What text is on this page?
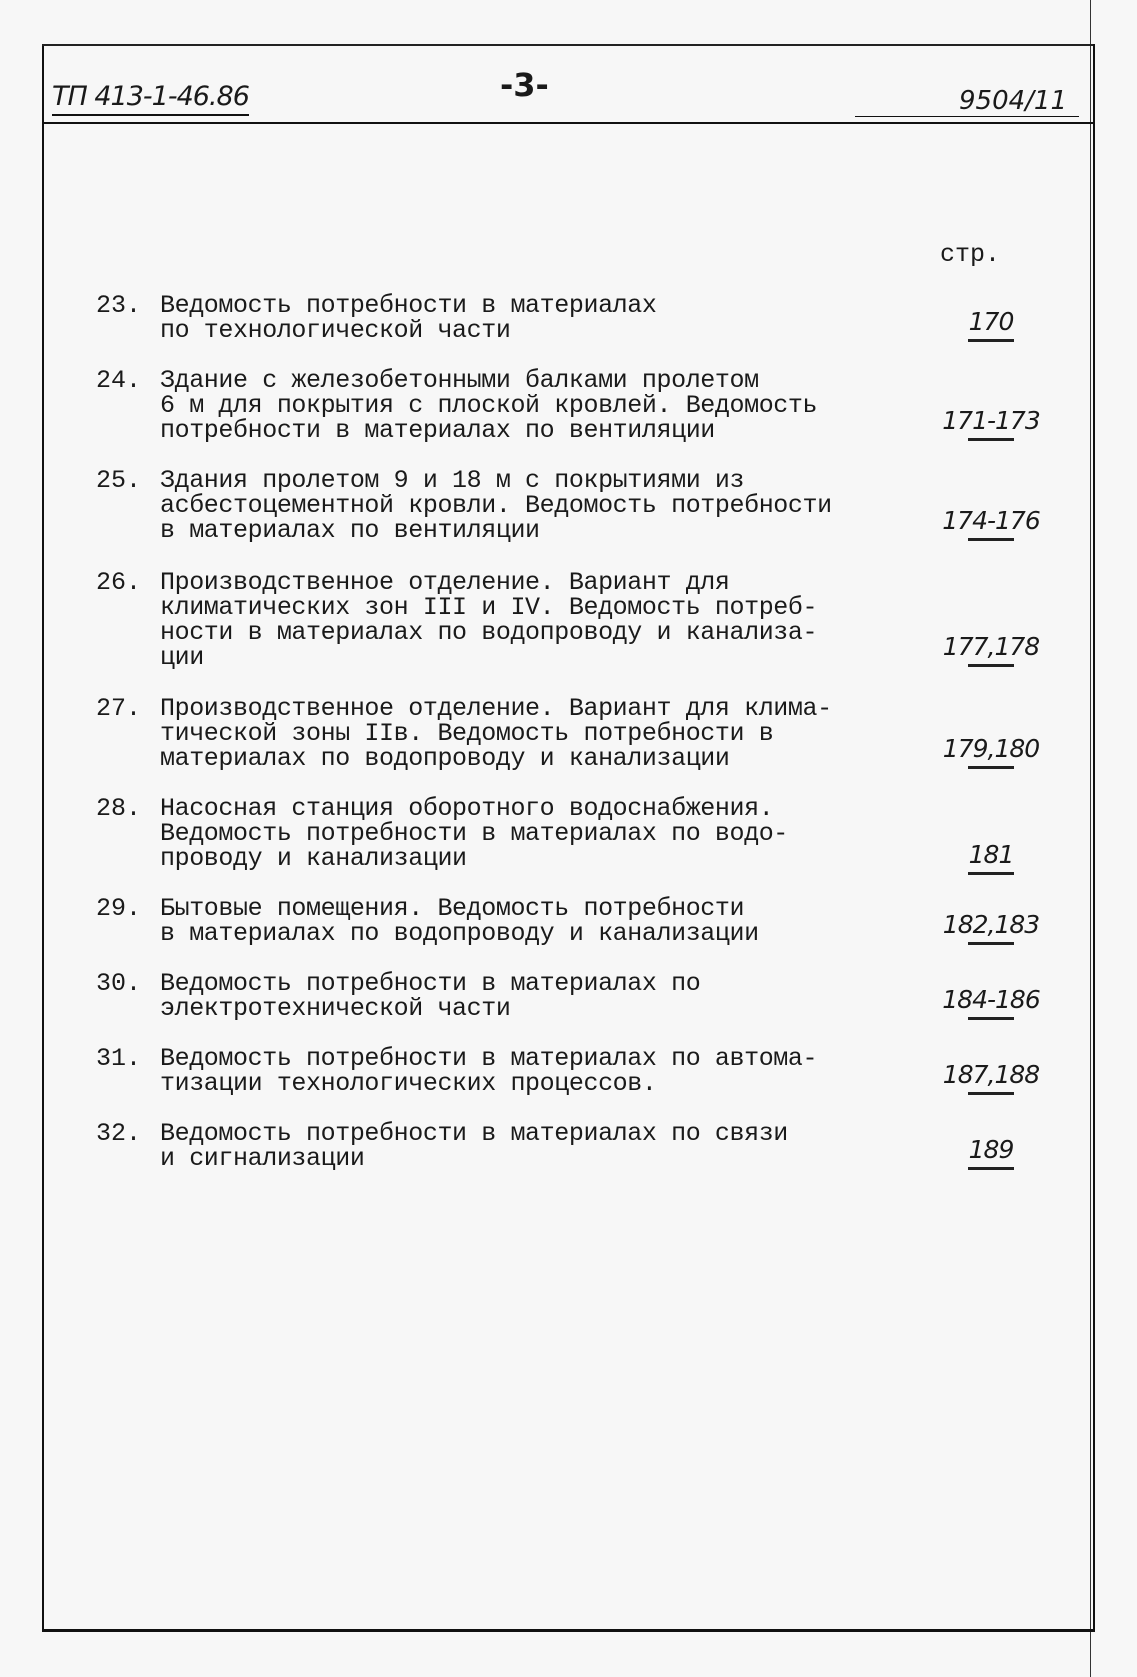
ТП 413-1-46.86	-3-	9504/11
стр.
23. Ведомость потребности в материалах
по технологической части	170
24. Здание с железобетонными балками пролетом
6 м для покрытия с плоской кровлей. Ведомость
потребности в материалах по вентиляции	171-173
25. Здания пролетом 9 и 18 м с покрытиями из
асбестоцементной кровли. Ведомость потребности
в материалах по вентиляции	174-176
26. Производственное отделение. Вариант для
климатических зон III и IV. Ведомость потреб-
ности в материалах по водопроводу и канализа-
ции	177,178
27. Производственное отделение. Вариант для клима-
тической зоны IIв. Ведомость потребности в
материалах по водопроводу и канализации	179,180
28. Насосная станция оборотного водоснабжения.
Ведомость потребности в материалах по водо-
проводу и канализации	181
29. Бытовые помещения. Ведомость потребности
в материалах по водопроводу и канализации	182,183
30. Ведомость потребности в материалах по
электротехнической части	184-186
31. Ведомость потребности в материалах по автома-
тизации технологических процессов.	187,188
32. Ведомость потребности в материалах по связи
и сигнализации	189
